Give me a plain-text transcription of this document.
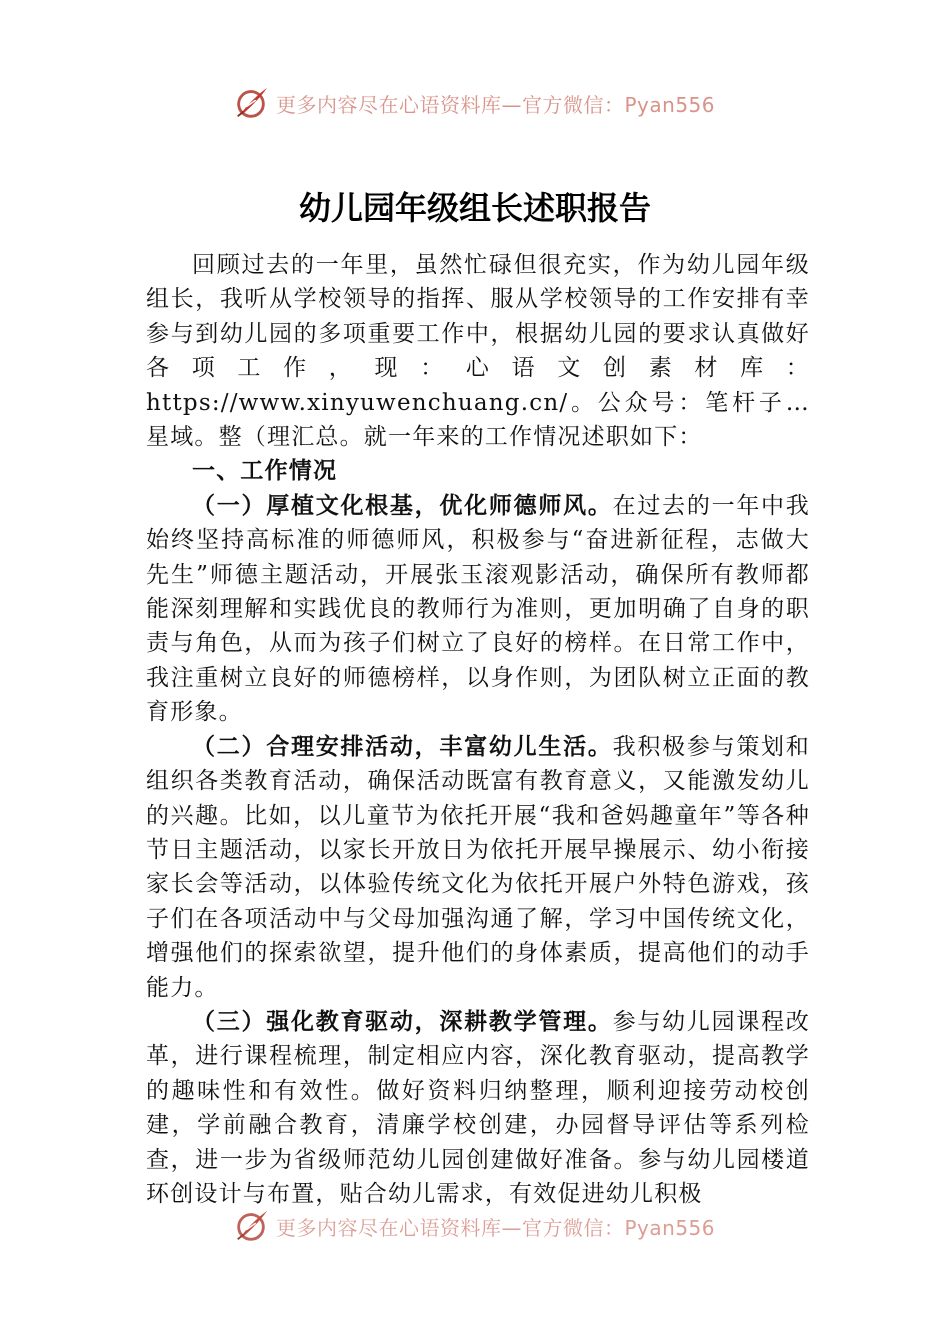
更多内容尽在心语资料库—官方微信：Pyan556
幼儿园年级组长述职报告

回顾过去的一年里，虽然忙碌但很充实，作为幼儿园年级组长，我听从学校领导的指挥、服从学校领导的工作安排有幸参与到幼儿园的多项重要工作中，根据幼儿园的要求认真做好各项工作，现：心语文创素材库：https://www.xinyuwenchuang.cn/。公众号：笔杆子…星域。整（理汇总。就一年来的工作情况述职如下：

一、工作情况

（一）厚植文化根基，优化师德师风。在过去的一年中我始终坚持高标准的师德师风，积极参与“奋进新征程，志做大先生”师德主题活动，开展张玉滚观影活动，确保所有教师都能深刻理解和实践优良的教师行为准则，更加明确了自身的职责与角色，从而为孩子们树立了良好的榜样。在日常工作中，我注重树立良好的师德榜样，以身作则，为团队树立正面的教育形象。

（二）合理安排活动，丰富幼儿生活。我积极参与策划和组织各类教育活动，确保活动既富有教育意义，又能激发幼儿的兴趣。比如，以儿童节为依托开展“我和爸妈趣童年”等各种节日主题活动，以家长开放日为依托开展早操展示、幼小衔接家长会等活动，以体验传统文化为依托开展户外特色游戏，孩子们在各项活动中与父母加强沟通了解，学习中国传统文化，增强他们的探索欲望，提升他们的身体素质，提高他们的动手能力。

（三）强化教育驱动，深耕教学管理。参与幼儿园课程改革，进行课程梳理，制定相应内容，深化教育驱动，提高教学的趣味性和有效性。做好资料归纳整理，顺利迎接劳动校创建，学前融合教育，清廉学校创建，办园督导评估等系列检查，进一步为省级师范幼儿园创建做好准备。参与幼儿园楼道环创设计与布置，贴合幼儿需求，有效促进幼儿积极

更多内容尽在心语资料库—官方微信：Pyan556
